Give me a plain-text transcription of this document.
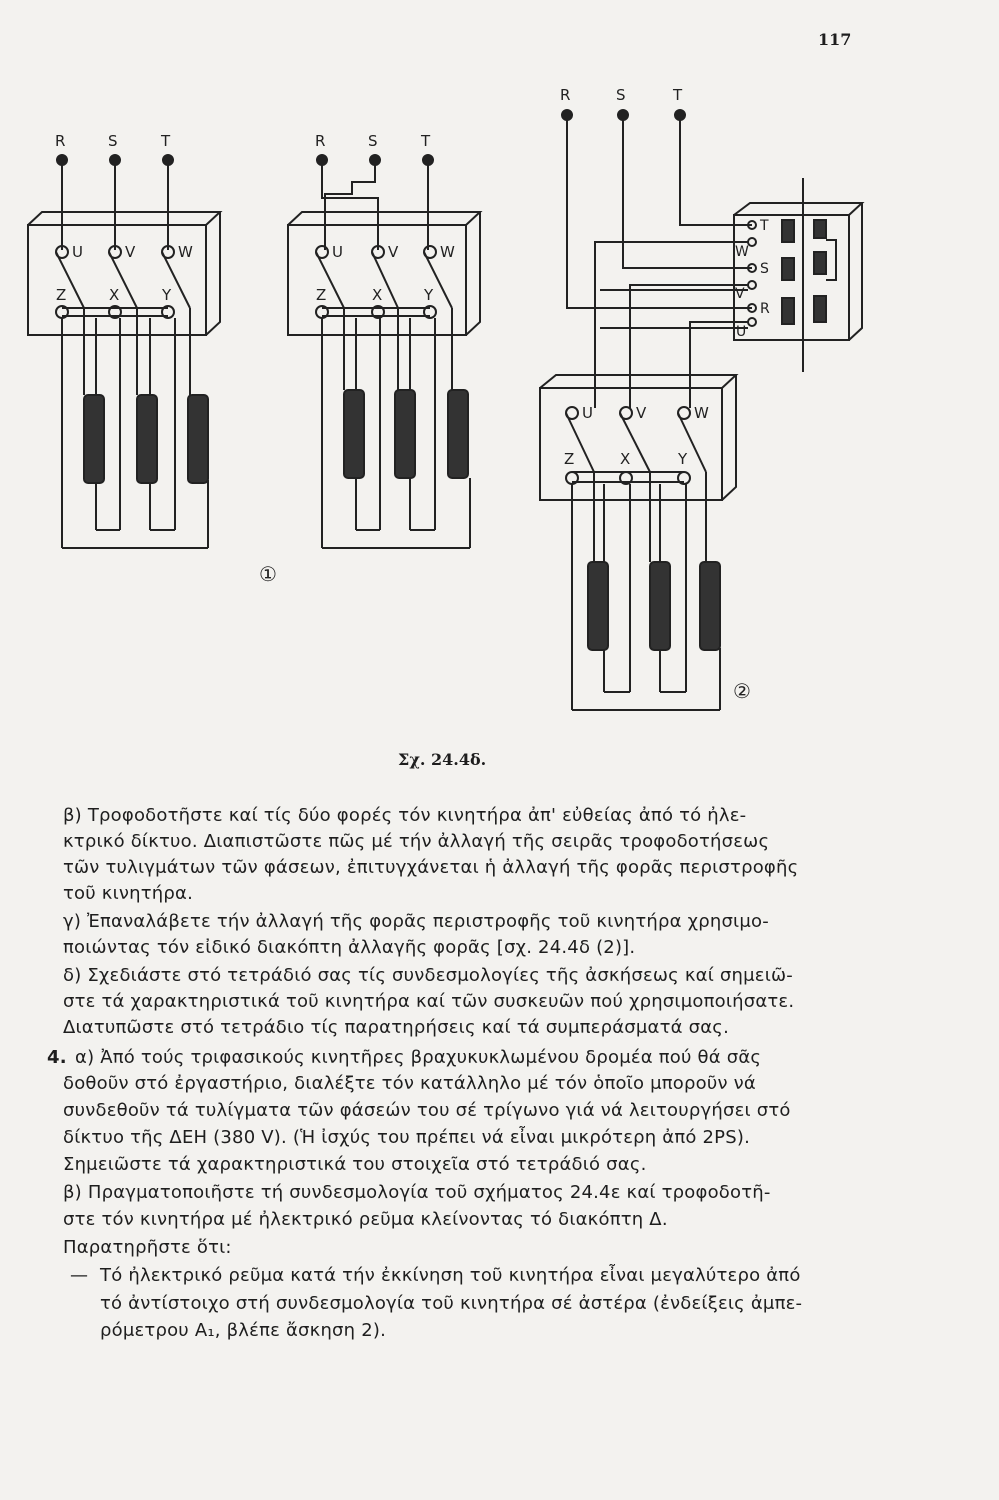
117
R	S	T	R	S	T
R	S	T
U	V	W
Z	X	Y
U	V	W
Z	X	Y
U	V	W
Z	X	Y
W
V
U
T
S
R
①
②
Σχ. 24.4δ.
β) Τροφοδοτῆστε καί τίς δύο φορές τόν κινητήρα ἀπ' εὐθείας ἀπό τό ἠλε-
κτρικό δίκτυο. Διαπιστῶστε πῶς μέ τήν ἀλλαγή τῆς σειρᾶς τροφοδοτήσεως
τῶν τυλιγμάτων τῶν φάσεων, ἐπιτυγχάνεται ἡ ἀλλαγή τῆς φορᾶς περιστροφῆς
τοῦ κινητήρα.
γ) Ἐπαναλάβετε τήν ἀλλαγή τῆς φορᾶς περιστροφῆς τοῦ κινητήρα χρησιμο-
ποιώντας τόν εἰδικό διακόπτη ἀλλαγῆς φορᾶς [σχ. 24.4δ (2)].
δ) Σχεδιάστε στό τετράδιό σας τίς συνδεσμολογίες τῆς ἀσκήσεως καί σημειῶ-
στε τά χαρακτηριστικά τοῦ κινητήρα καί τῶν συσκευῶν πού χρησιμοποιήσατε.
Διατυπῶστε στό τετράδιο τίς παρατηρήσεις καί τά συμπεράσματά σας.
4. α) Ἀπό τούς τριφασικούς κινητῆρες βραχυκυκλωμένου δρομέα πού θά σᾶς
δοθοῦν στό ἐργαστήριο, διαλέξτε τόν κατάλληλο μέ τόν ὁποῖο μποροῦν νά
συνδεθοῦν τά τυλίγματα τῶν φάσεών του σέ τρίγωνο γιά νά λειτουργήσει στό
δίκτυο τῆς ΔΕΗ (380 V). (Ἡ ἰσχύς του πρέπει νά εἶναι μικρότερη ἀπό 2PS).
Σημειῶστε τά χαρακτηριστικά του στοιχεῖα στό τετράδιό σας.
β) Πραγματοποιῆστε τή συνδεσμολογία τοῦ σχήματος 24.4ε καί τροφοδοτῆ-
στε τόν κινητήρα μέ ἠλεκτρικό ρεῦμα κλείνοντας τό διακόπτη Δ.
Παρατηρῆστε ὅτι:
— Τό ἠλεκτρικό ρεῦμα κατά τήν ἐκκίνηση τοῦ κινητήρα εἶναι μεγαλύτερο ἀπό
τό ἀντίστοιχο στή συνδεσμολογία τοῦ κινητήρα σέ ἀστέρα (ἐνδείξεις ἀμπε-
ρόμετρου A₁, βλέπε ἄσκηση 2).
